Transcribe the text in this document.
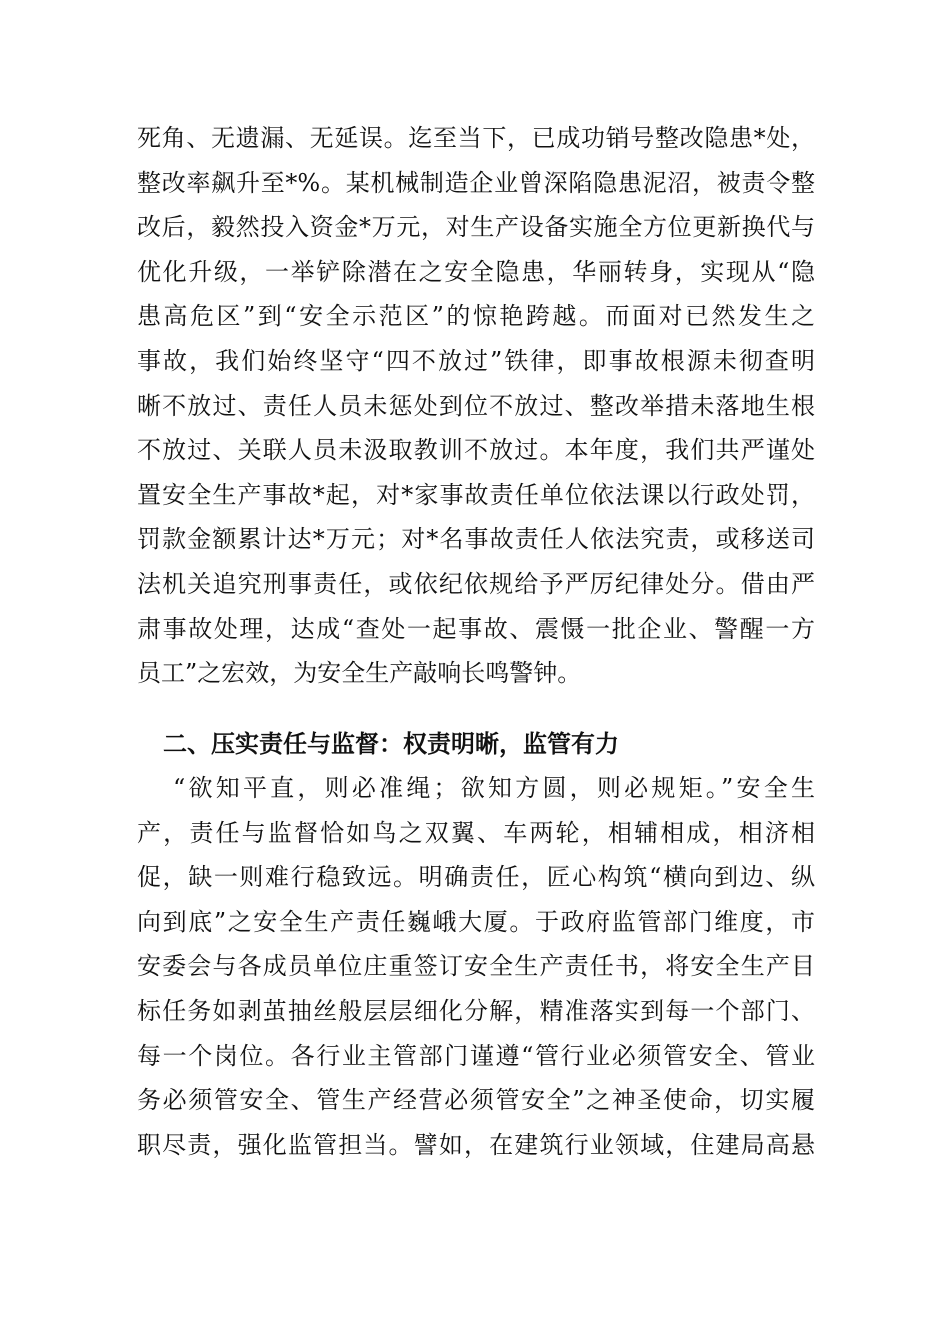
死角、无遗漏、无延误。迄至当下，已成功销号整改隐患*处，
整改率飙升至*%。某机械制造企业曾深陷隐患泥沼，被责令整
改后，毅然投入资金*万元，对生产设备实施全方位更新换代与
优化升级，一举铲除潜在之安全隐患，华丽转身，实现从“隐
患高危区”到“安全示范区”的惊艳跨越。而面对已然发生之
事故，我们始终坚守“四不放过”铁律，即事故根源未彻查明
晰不放过、责任人员未惩处到位不放过、整改举措未落地生根
不放过、关联人员未汲取教训不放过。本年度，我们共严谨处
置安全生产事故*起，对*家事故责任单位依法课以行政处罚，
罚款金额累计达*万元；对*名事故责任人依法究责，或移送司
法机关追究刑事责任，或依纪依规给予严厉纪律处分。借由严
肃事故处理，达成“查处一起事故、震慑一批企业、警醒一方
员工”之宏效，为安全生产敲响长鸣警钟。
二、压实责任与监督：权责明晰，监管有力
“欲知平直，则必准绳；欲知方圆，则必规矩。”安全生
产，责任与监督恰如鸟之双翼、车两轮，相辅相成，相济相
促，缺一则难行稳致远。明确责任，匠心构筑“横向到边、纵
向到底”之安全生产责任巍峨大厦。于政府监管部门维度，市
安委会与各成员单位庄重签订安全生产责任书，将安全生产目
标任务如剥茧抽丝般层层细化分解，精准落实到每一个部门、
每一个岗位。各行业主管部门谨遵“管行业必须管安全、管业
务必须管安全、管生产经营必须管安全”之神圣使命，切实履
职尽责，强化监管担当。譬如，在建筑行业领域，住建局高悬
